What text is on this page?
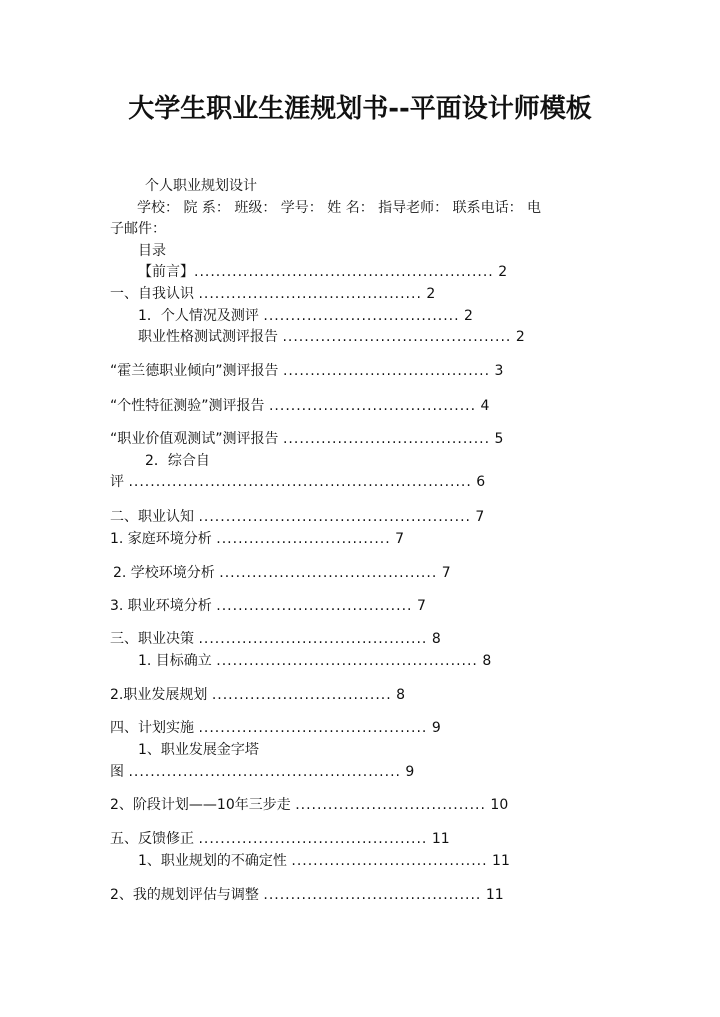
大学生职业生涯规划书--平面设计师模板
个人职业规划设计
学校： 院 系： 班级： 学号： 姓 名： 指导老师： 联系电话： 电
子邮件：
目录
【前言】....................................................... 2
一、自我认识 ......................................... 2
1．个人情况及测评 .................................... 2
职业性格测试测评报告 .......................................... 2
“霍兰德职业倾向”测评报告 ...................................... 3
“个性特征测验”测评报告 ...................................... 4
“职业价值观测试”测评报告 ...................................... 5
2．综合自
评 ............................................................... 6
二、职业认知 .................................................. 7
1. 家庭环境分析 ................................ 7
2. 学校环境分析 ........................................ 7
3. 职业环境分析 .................................... 7
三、职业决策 .......................................... 8
1. 目标确立 ................................................ 8
2.职业发展规划 ................................. 8
四、计划实施 .......................................... 9
1、职业发展金字塔
图 .................................................. 9
2、阶段计划——10年三步走 ................................... 10
五、反馈修正 .......................................... 11
1、职业规划的不确定性 .................................... 11
2、我的规划评估与调整 ........................................ 11
